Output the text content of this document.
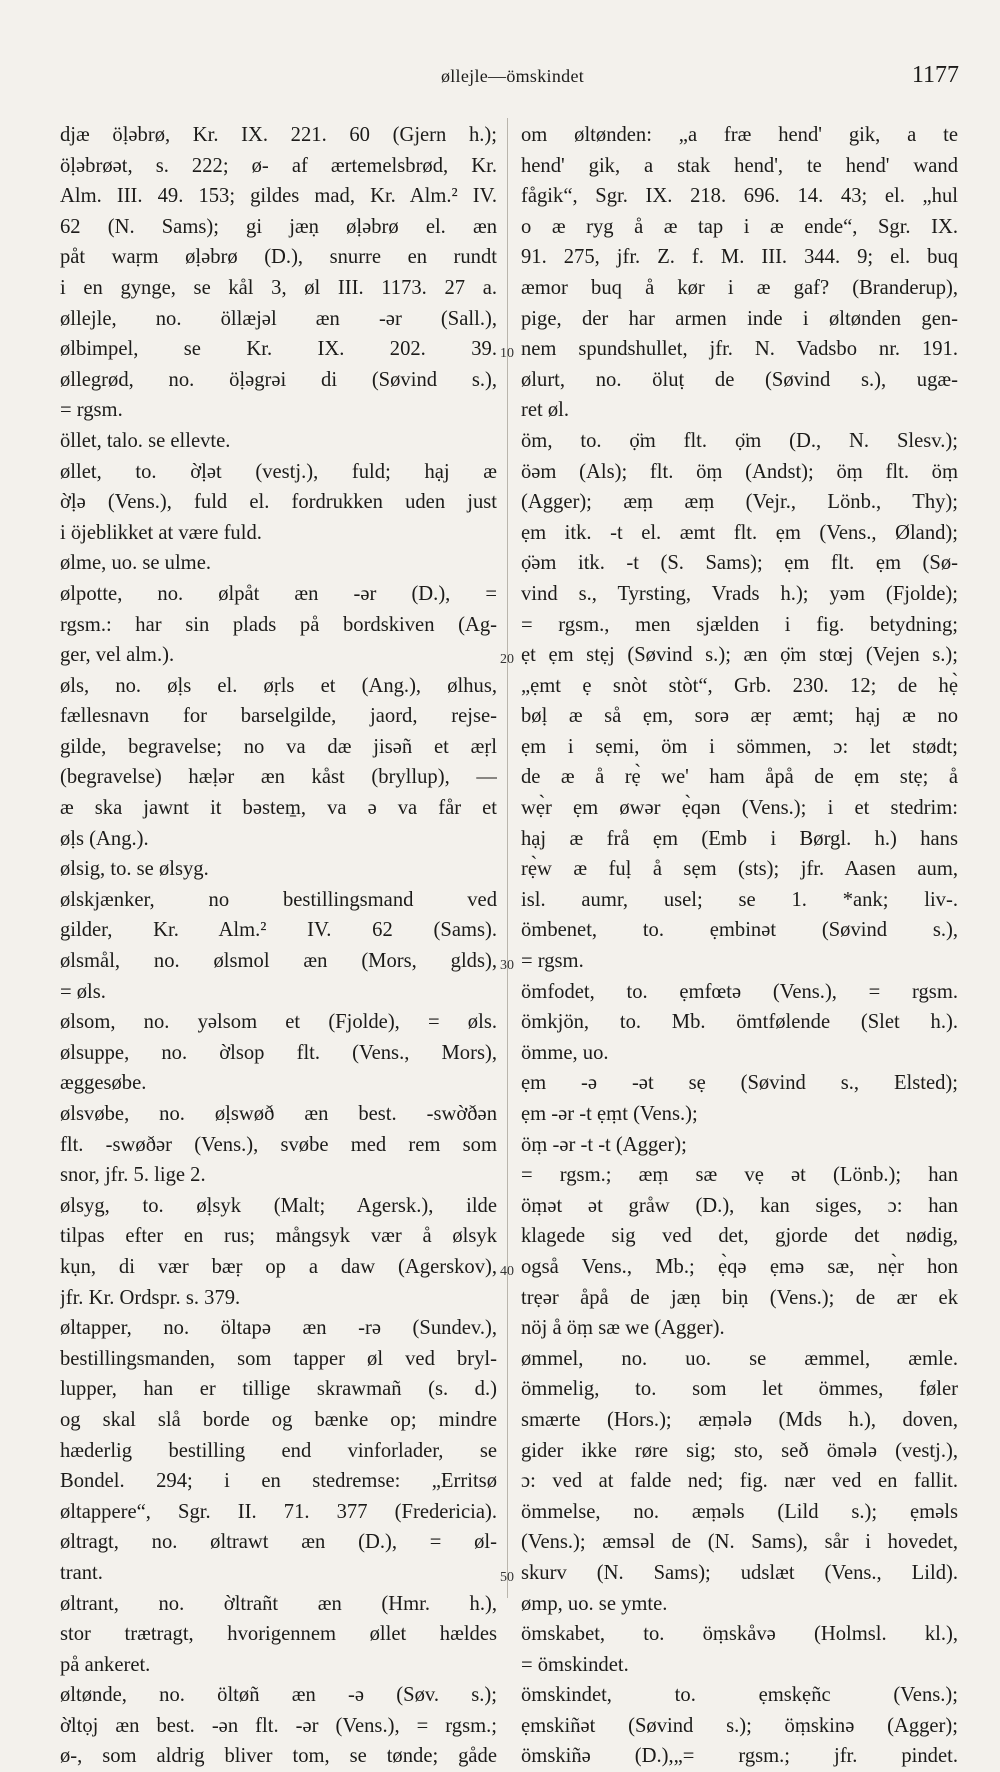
øllejle—ömskindet	1177
djæ öḷəbrø, Kr. IX. 221. 60 (Gjern h.);
öḷəbrøət, s. 222; ø- af ærtemelsbrød, Kr.
Alm. III. 49. 153; gildes mad, Kr. Alm.² IV.
62 (N. Sams); gi jæṇ øḷəbrø el. æn
påt waṛm øḷəbrø (D.), snurre en rundt
i en gynge, se kål 3, øl III. 1173. 27 a.
øllejle, no. öllæjəl æn -ər (Sall.),
ølbimpel, se Kr. IX. 202. 39.
øllegrød, no. öḷəgrəi di (Søvind s.),
= rgsm.
öllet, talo. se ellevte.
øllet, to. ờḷət (vestj.), fuld; hạj æ
ờḷə (Vens.), fuld el. fordrukken uden just
i öjeblikket at være fuld.
ølme, uo. se ulme.
ølpotte, no. ølpåt æn -ər (D.), =
rgsm.: har sin plads på bordskiven (Ag-
ger, vel alm.).
øls, no. øḷs el. øṛls et (Ang.), ølhus,
fællesnavn for barselgilde, jaord, rejse-
gilde, begravelse; no va dæ jisəñ et æṛl
(begravelse) hæḷər æn kåst (bryllup), —
æ ska jawnt it bəstem̱, va ə va får et
øḷs (Ang.).
ølsig, to. se ølsyg.
ølskjænker, no bestillingsmand ved
gilder, Kr. Alm.² IV. 62 (Sams).
ølsmål, no. ølsmol æn (Mors, glds),
= øls.
ølsom, no. yəlsom et (Fjolde), = øls.
ølsuppe, no. ờlsop flt. (Vens., Mors),
æggesøbe.
ølsvøbe, no. øḷswøð æn best. -swờðən
flt. -swøðər (Vens.), svøbe med rem som
snor, jfr. 5. lige 2.
ølsyg, to. øḷsyk (Malt; Agersk.), ilde
tilpas efter en rus; mångsyk vær å ølsyk
kụn, di vær bæṛ op a daw (Agerskov),
jfr. Kr. Ordspr. s. 379.
øltapper, no. öltapə æn -rə (Sundev.),
bestillingsmanden, som tapper øl ved bryl-
lupper, han er tillige skrawmañ (s. d.)
og skal slå borde og bænke op; mindre
hæderlig bestilling end vinforlader, se
Bondel. 294; i en stedremse: „Erritsø
øltappere“, Sgr. II. 71. 377 (Fredericia).
øltragt, no. øltrawt æn (D.), = øl-
trant.
øltrant, no. ờltrañt æn (Hmr. h.),
stor trætragt, hvorigennem øllet hældes
på ankeret.
øltønde, no. öltøñ æn -ə (Søv. s.);
ờltọj æn best. -ən flt. -ər (Vens.), = rgsm.;
ø-, som aldrig bliver tom, se tønde; gåde
om øltønden: „a fræ hend' gik, a te
hend' gik, a stak hend', te hend' wand
fågik“, Sgr. IX. 218. 696. 14. 43; el. „hul
o æ ryg å æ tap i æ ende“, Sgr. IX.
91. 275, jfr. Z. f. M. III. 344. 9; el. buq
æmor buq å kør i æ gaf? (Branderup),
pige, der har armen inde i øltønden gen-
nem spundshullet, jfr. N. Vadsbo nr. 191.
ølurt, no. öluṭ de (Søvind s.), ugæ-
ret øl.
öm, to. ọ̈m flt. ọ̈m (D., N. Slesv.);
öəm (Als); flt. öṃ (Andst); öṃ flt. öṃ
(Agger); æṃ æṃ (Vejr., Lönb., Thy);
ẹm itk. -t el. æmt flt. ẹm (Vens., Øland);
ọ̈əm itk. -t (S. Sams); ẹm flt. ẹm (Sø-
vind s., Tyrsting, Vrads h.); yəm (Fjolde);
= rgsm., men sjælden i fig. betydning;
ẹt ẹm stẹj (Søvind s.); æn ọ̈m stœj (Vejen s.);
„ẹmt ẹ snòt stòt“, Grb. 230. 12; de hẹ̀
bøḷ æ så ẹm, sorə æṛ æmt; hạj æ no
ẹm i sẹmi, öm i sömmen, ɔ: let stødt;
de æ å rẹ̀ we' ham åpå de ẹm stẹ; å
wẹ̀r ẹm øwər ẹ̀qən (Vens.); i et stedrim:
hạj æ frå ẹm (Emb i Børgl. h.) hans
rẹ̀w æ fuḷ å sẹm (sts); jfr. Aasen aum,
isl. aumr, usel; se 1. *ank; liv-.
ömbenet, to. ẹmbinət (Søvind s.),
= rgsm.
ömfodet, to. ẹmfœtə (Vens.), = rgsm.
ömkjön, to. Mb. ömtfølende (Slet h.).
ömme, uo.
ẹm -ə -ət sẹ (Søvind s., Elsted);
ẹm -ər -t ẹṃt (Vens.);
öṃ -ər -t -t (Agger);
= rgsm.; æṃ sæ vẹ ət (Lönb.); han
öṃət ət gråw (D.), kan siges, ɔ: han
klagede sig ved det, gjorde det nødig,
også Vens., Mb.; ẹ̀qə ẹmə sæ, nẹ̀r hon
trẹər åpå de jæṇ biṇ (Vens.); de ær ek
nöj å öṃ sæ we (Agger).
ømmel, no. uo. se æmmel, æmle.
ömmelig, to. som let ömmes, føler
smærte (Hors.); æṃələ (Mds h.), doven,
gider ikke røre sig; sto, seð ömələ (vestj.),
ɔ: ved at falde ned; fig. nær ved en fallit.
ömmelse, no. æṃəls (Lild s.); ẹməls
(Vens.); æmsəl de (N. Sams), sår i hovedet,
skurv (N. Sams); udslæt (Vens., Lild).
ømp, uo. se ymte.
ömskabet, to. öṃskåvə (Holmsl. kl.),
= ömskindet.
ömskindet, to. ẹmskẹñc (Vens.);
ẹmskiñət (Søvind s.); öṃskinə (Agger);
ömskiñə (D.),„= rgsm.; jfr. pindet.
10
20
30
40
50
